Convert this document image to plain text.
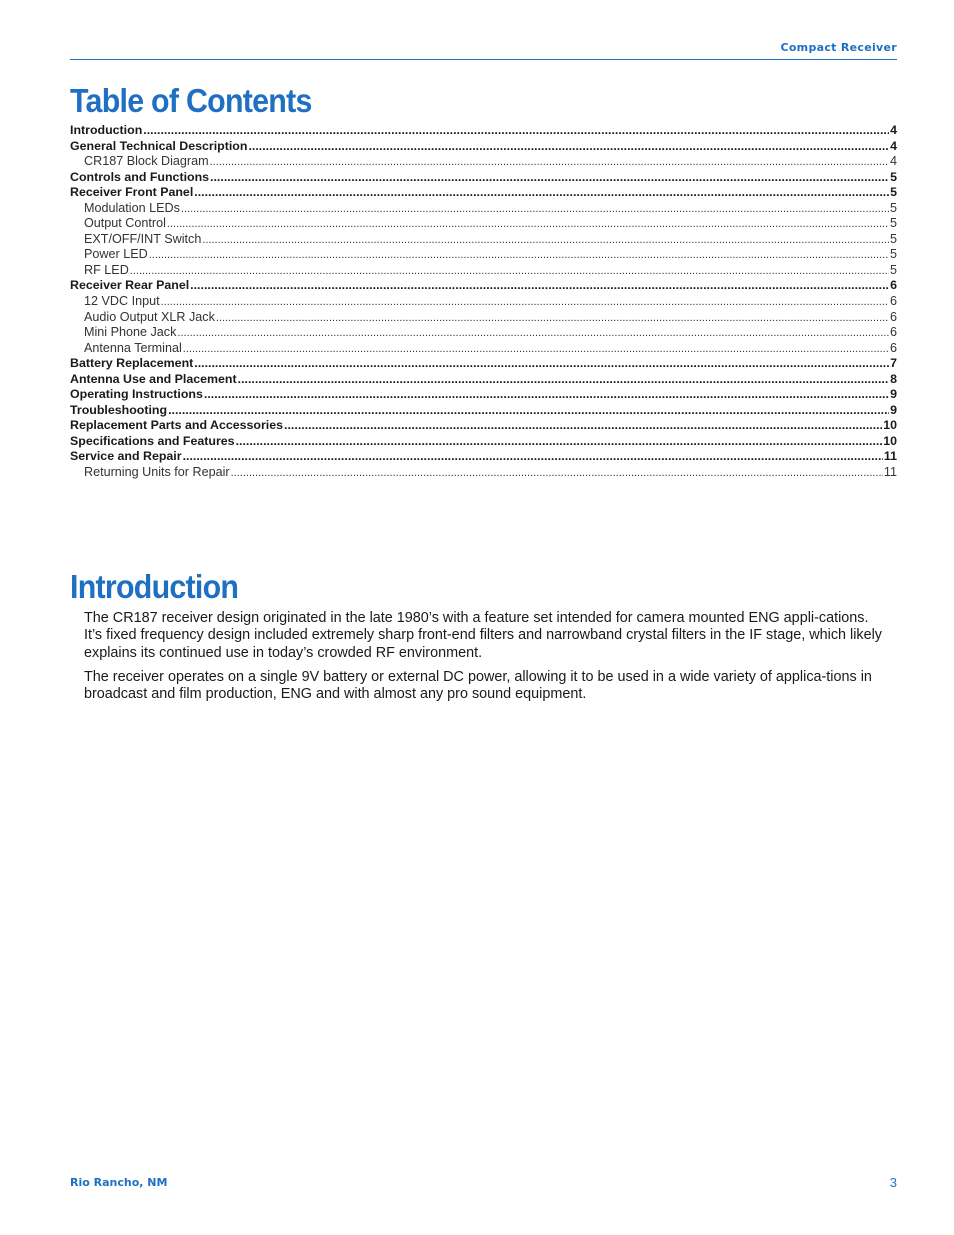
Compact Receiver
Table of Contents
Introduction .....	4
General Technical Description .....	4
CR187 Block Diagram .....	4
Controls and Functions .....	5
Receiver Front Panel .....	5
Modulation LEDs .....	5
Output Control .....	5
EXT/OFF/INT Switch .....	5
Power LED .....	5
RF LED .....	5
Receiver Rear Panel .....	6
12 VDC Input .....	6
Audio Output XLR Jack .....	6
Mini Phone Jack .....	6
Antenna Terminal .....	6
Battery Replacement .....	7
Antenna Use and Placement .....	8
Operating Instructions .....	9
Troubleshooting .....	9
Replacement Parts and Accessories .....	10
Specifications and Features .....	10
Service and Repair .....	11
Returning Units for Repair .....	11
Introduction

The CR187 receiver design originated in the late 1980’s with a feature set intended for camera mounted ENG appli-cations. It’s fixed frequency design included extremely sharp front-end filters and narrowband crystal filters in the IF stage, which likely explains its continued use in today’s crowded RF environment.

The receiver operates on a single 9V battery or external DC power, allowing it to be used in a wide variety of applica-tions in broadcast and film production, ENG and with almost any pro sound equipment.

Rio Rancho, NM	3
